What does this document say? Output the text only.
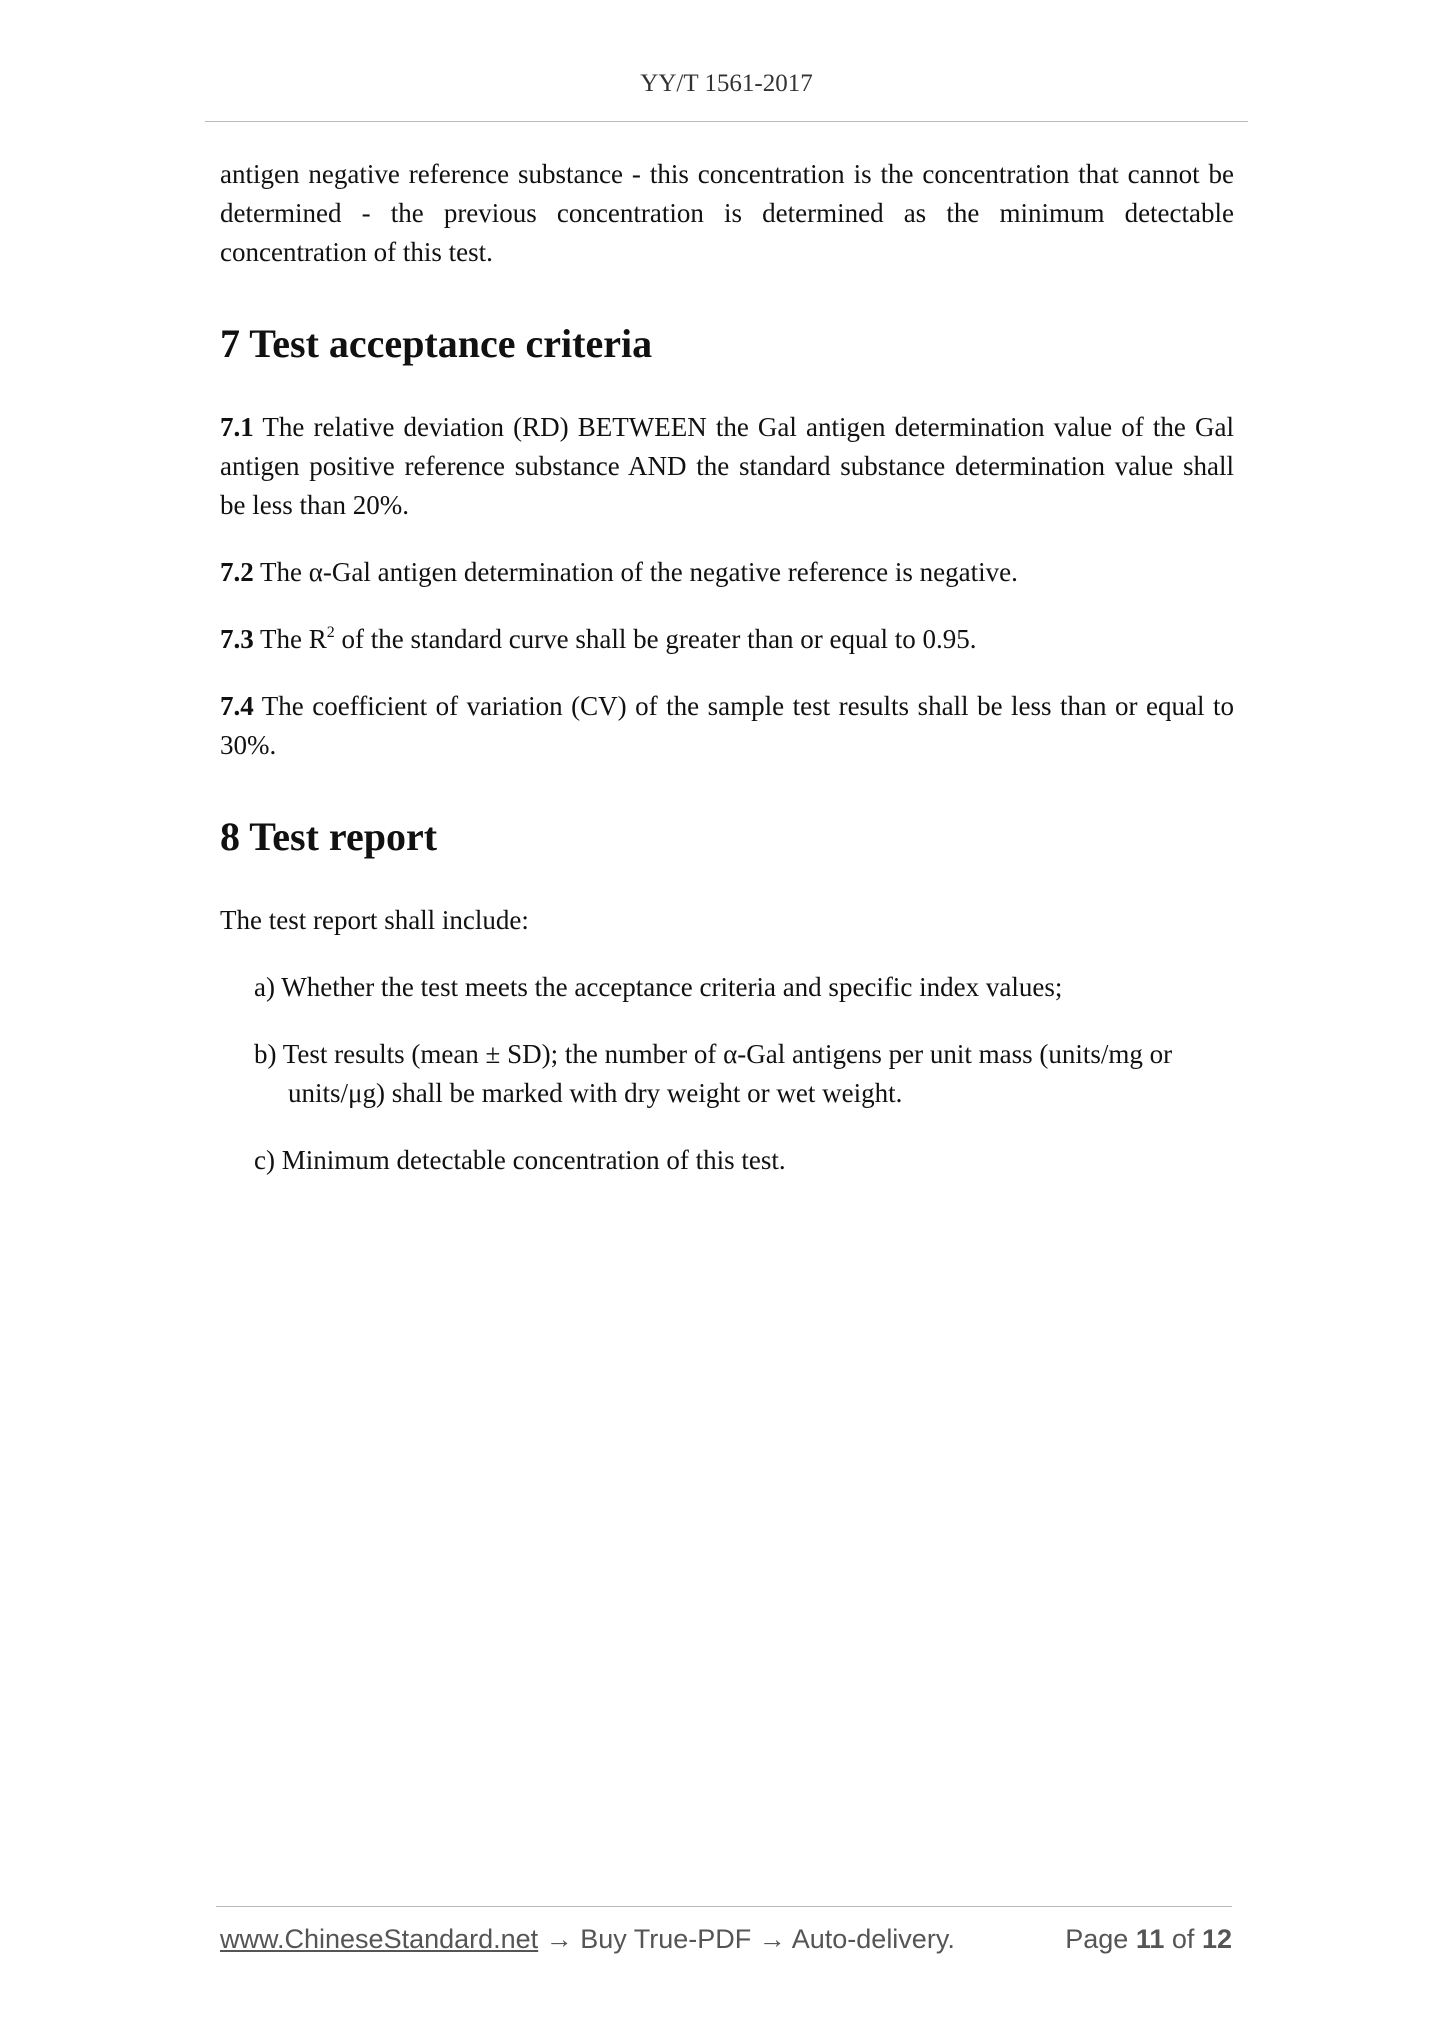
YY/T 1561-2017

antigen negative reference substance - this concentration is the concentration that cannot be determined - the previous concentration is determined as the minimum detectable concentration of this test.

7 Test acceptance criteria

7.1 The relative deviation (RD) BETWEEN the Gal antigen determination value of the Gal antigen positive reference substance AND the standard substance determination value shall be less than 20%.

7.2 The α-Gal antigen determination of the negative reference is negative.

7.3 The $R^2$ of the standard curve shall be greater than or equal to 0.95.

7.4 The coefficient of variation (CV) of the sample test results shall be less than or equal to 30%.

8 Test report

The test report shall include:

a) Whether the test meets the acceptance criteria and specific index values;

b) Test results (mean ± SD); the number of α-Gal antigens per unit mass (units/mg or units/μg) shall be marked with dry weight or wet weight.

c) Minimum detectable concentration of this test.

www.ChineseStandard.net → Buy True-PDF → Auto-delivery.	Page 11 of 12
